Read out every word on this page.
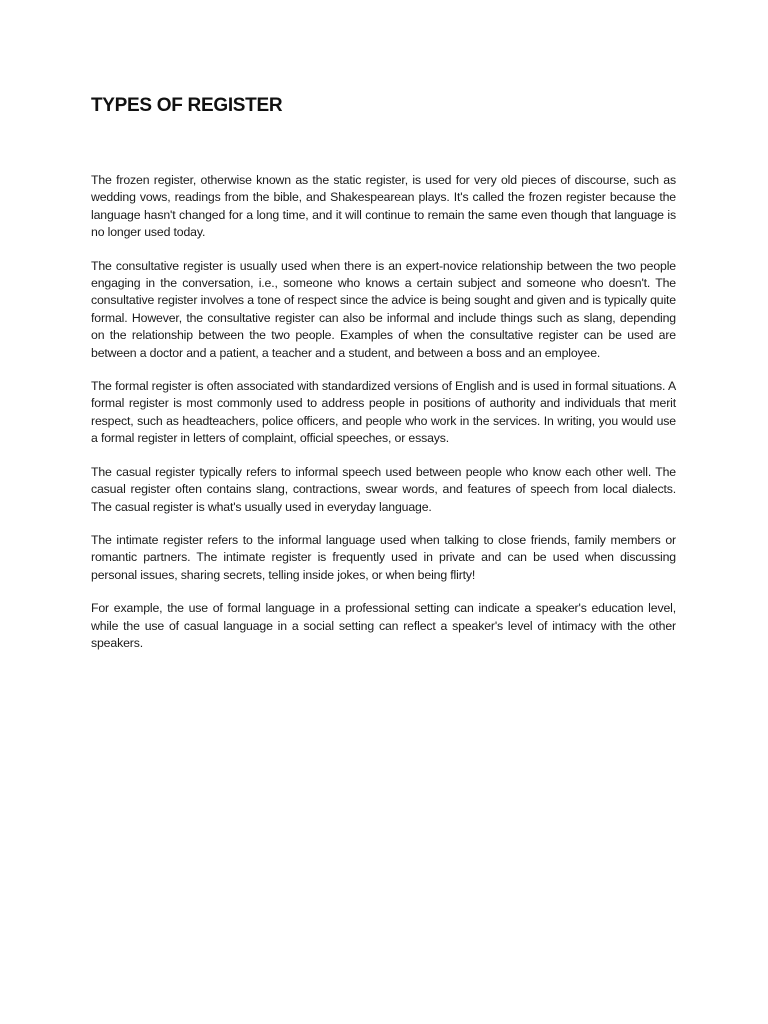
TYPES OF REGISTER

The frozen register, otherwise known as the static register, is used for very old pieces of discourse, such as wedding vows, readings from the bible, and Shakespearean plays. It's called the frozen register because the language hasn't changed for a long time, and it will continue to remain the same even though that language is no longer used today.

The consultative register is usually used when there is an expert-novice relationship between the two people engaging in the conversation, i.e., someone who knows a certain subject and someone who doesn't. The consultative register involves a tone of respect since the advice is being sought and given and is typically quite formal. However, the consultative register can also be informal and include things such as slang, depending on the relationship between the two people. Examples of when the consultative register can be used are between a doctor and a patient, a teacher and a student, and between a boss and an employee.

The formal register is often associated with standardized versions of English and is used in formal situations. A formal register is most commonly used to address people in positions of authority and individuals that merit respect, such as headteachers, police officers, and people who work in the services. In writing, you would use a formal register in letters of complaint, official speeches, or essays.

The casual register typically refers to informal speech used between people who know each other well. The casual register often contains slang, contractions, swear words, and features of speech from local dialects. The casual register is what's usually used in everyday language.

The intimate register refers to the informal language used when talking to close friends, family members or romantic partners. The intimate register is frequently used in private and can be used when discussing personal issues, sharing secrets, telling inside jokes, or when being flirty!

For example, the use of formal language in a professional setting can indicate a speaker's education level, while the use of casual language in a social setting can reflect a speaker's level of intimacy with the other speakers.
